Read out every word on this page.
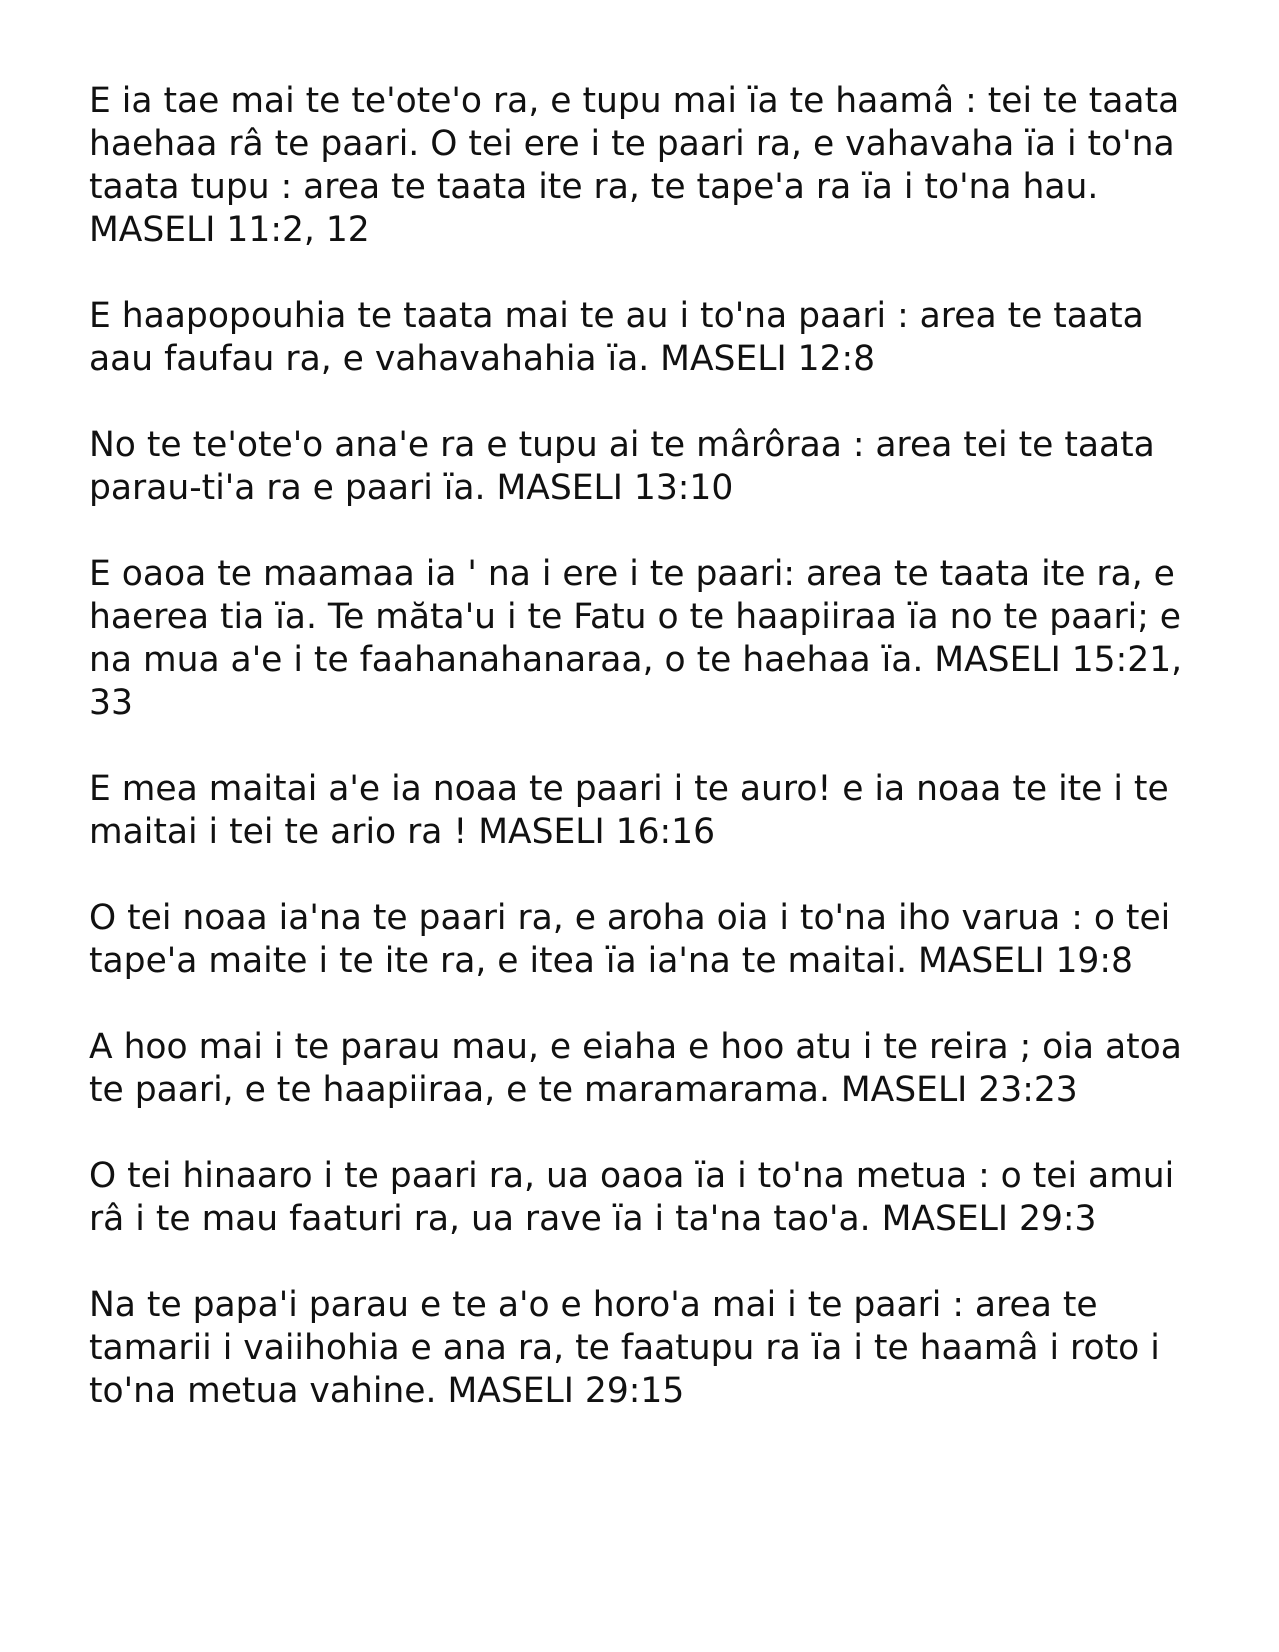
E ia tae mai te te'ote'o ra, e tupu mai ïa te haamâ : tei te taata haehaa râ te paari. O tei ere i te paari ra, e vahavaha ïa i to'na taata tupu : area te taata ite ra, te tape'a ra ïa i to'na hau. MASELI 11:2, 12

E haapopouhia te taata mai te au i to'na paari : area te taata aau faufau ra, e vahavahahia ïa. MASELI 12:8

No te te'ote'o ana'e ra e tupu ai te mârôraa : area tei te taata parau-ti'a ra e paari ïa. MASELI 13:10

E oaoa te maamaa ia ' na i ere i te paari: area te taata ite ra, e haerea tia ïa. Te măta'u i te Fatu o te haapiiraa ïa no te paari; e na mua a'e i te faahanahanaraa, o te haehaa ïa. MASELI 15:21, 33

E mea maitai a'e ia noaa te paari i te auro! e ia noaa te ite i te maitai i tei te ario ra ! MASELI 16:16

O tei noaa ia'na te paari ra, e aroha oia i to'na iho varua : o tei tape'a maite i te ite ra, e itea ïa ia'na te maitai. MASELI 19:8

A hoo mai i te parau mau, e eiaha e hoo atu i te reira ; oia atoa te paari, e te haapiiraa, e te maramarama. MASELI 23:23

O tei hinaaro i te paari ra, ua oaoa ïa i to'na metua : o tei amui râ i te mau faaturi ra, ua rave ïa i ta'na tao'a. MASELI 29:3

Na te papa'i parau e te a'o e horo'a mai i te paari : area te tamarii i vaiihohia e ana ra, te faatupu ra ïa i te haamâ i roto i to'na metua vahine. MASELI 29:15
